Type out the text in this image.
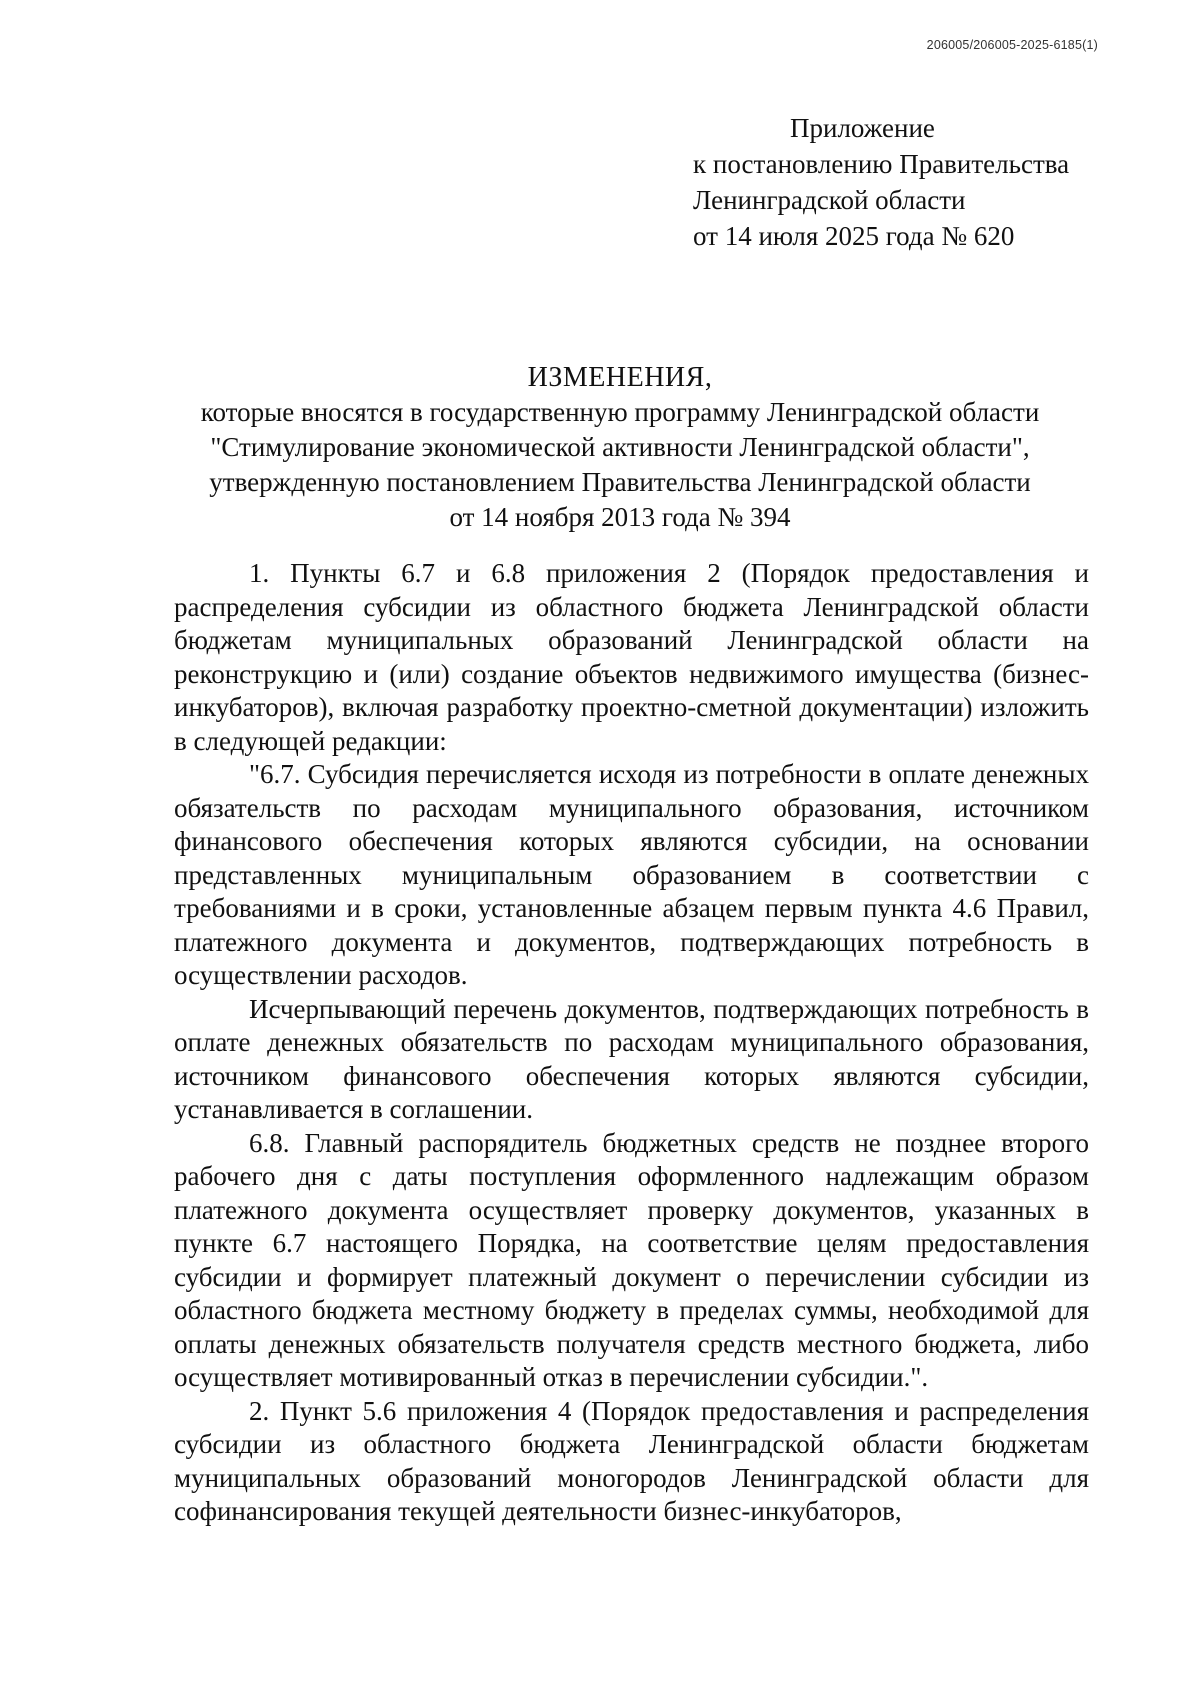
206005/206005-2025-6185(1)
Приложение
к постановлению Правительства
Ленинградской области
от 14 июля 2025 года № 620
ИЗМЕНЕНИЯ,
которые вносятся в государственную программу Ленинградской области
"Стимулирование экономической активности Ленинградской области",
утвержденную постановлением Правительства Ленинградской области
от 14 ноября 2013 года № 394

1. Пункты 6.7 и 6.8 приложения 2 (Порядок предоставления и распределения субсидии из областного бюджета Ленинградской области бюджетам муниципальных образований Ленинградской области на реконструкцию и (или) создание объектов недвижимого имущества (бизнес-инкубаторов), включая разработку проектно-сметной документации) изложить в следующей редакции:

"6.7. Субсидия перечисляется исходя из потребности в оплате денежных обязательств по расходам муниципального образования, источником финансового обеспечения которых являются субсидии, на основании представленных муниципальным образованием в соответствии с требованиями и в сроки, установленные абзацем первым пункта 4.6 Правил, платежного документа и документов, подтверждающих потребность в осуществлении расходов.

Исчерпывающий перечень документов, подтверждающих потребность в оплате денежных обязательств по расходам муниципального образования, источником финансового обеспечения которых являются субсидии, устанавливается в соглашении.

6.8. Главный распорядитель бюджетных средств не позднее второго рабочего дня с даты поступления оформленного надлежащим образом платежного документа осуществляет проверку документов, указанных в пункте 6.7 настоящего Порядка, на соответствие целям предоставления субсидии и формирует платежный документ о перечислении субсидии из областного бюджета местному бюджету в пределах суммы, необходимой для оплаты денежных обязательств получателя средств местного бюджета, либо осуществляет мотивированный отказ в перечислении субсидии.".

2. Пункт 5.6 приложения 4 (Порядок предоставления и распределения субсидии из областного бюджета Ленинградской области бюджетам муниципальных образований моногородов Ленинградской области для софинансирования текущей деятельности бизнес-инкубаторов,
